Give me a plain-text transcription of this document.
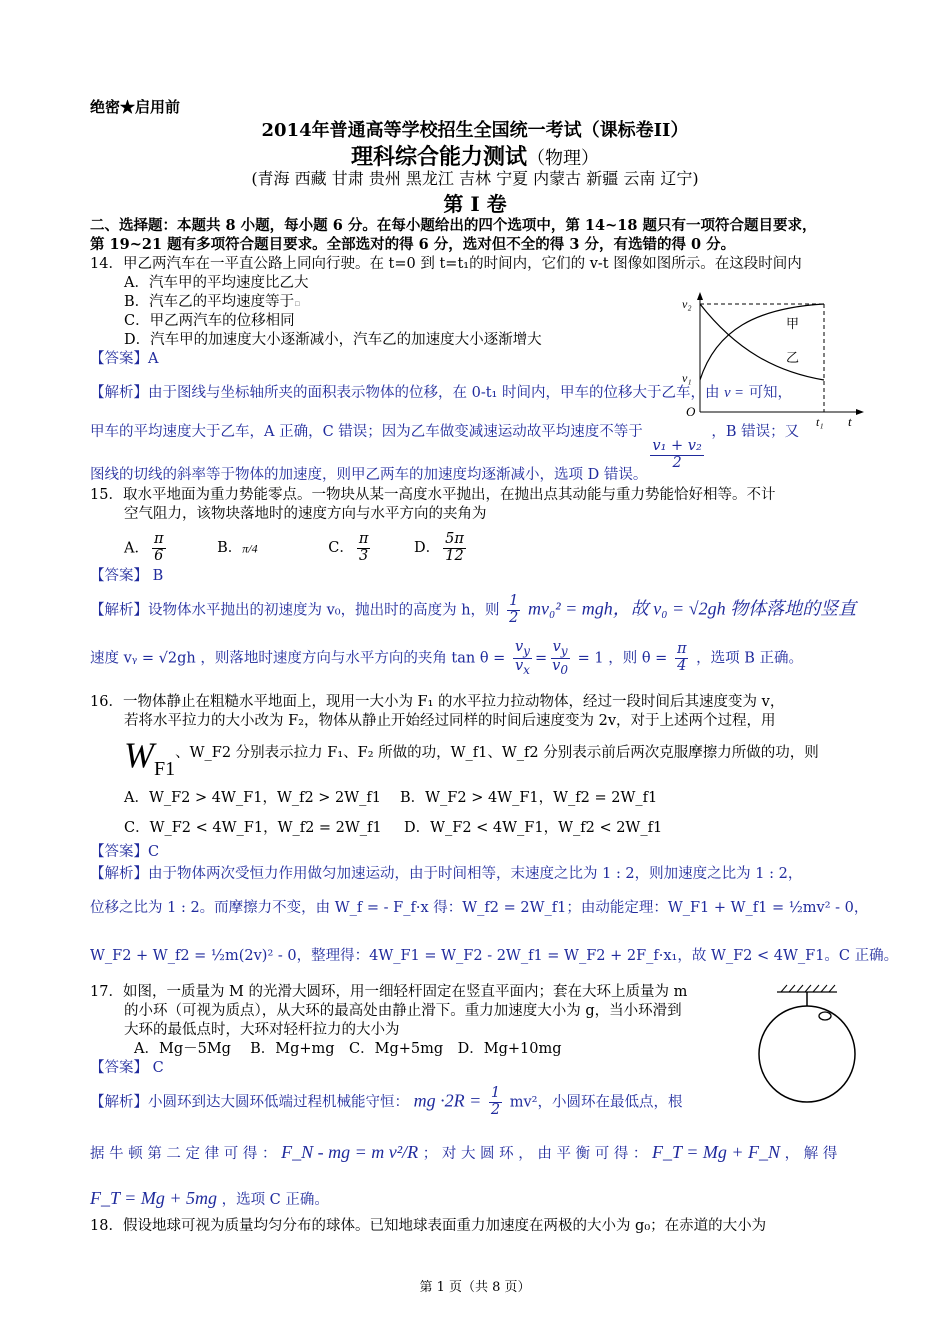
绝密★启用前
2014年普通高等学校招生全国统一考试（课标卷II）
理科综合能力测试（物理）
(青海 西藏 甘肃 贵州 黑龙江 吉林 宁夏 内蒙古 新疆 云南 辽宁)
第 Ⅰ 卷
二、选择题：本题共 8 小题，每小题 6 分。在每小题给出的四个选项中，第 14~18 题只有一项符合题目要求，
第 19~21 题有多项符合题目要求。全部选对的得 6 分，选对但不全的得 3 分，有选错的得 0 分。
14．甲乙两汽车在一平直公路上同向行驶。在 t=0 到 t=t₁的时间内，它们的 v-t 图像如图所示。在这段时间内
A．汽车甲的平均速度比乙大
B．汽车乙的平均速度等于▫
C．甲乙两汽车的位移相同
D．汽车甲的加速度大小逐渐减小，汽车乙的加速度大小逐渐增大
【答案】A
v₂
v₁
O
t₁ t
甲
乙
【解析】由于图线与坐标轴所夹的面积表示物体的位移，在 0-t₁ 时间内，甲车的位移大于乙车，由 v = 可知，
甲车的平均速度大于乙车，A 正确，C 错误；因为乙车做变减速运动故平均速度不等于
$\frac{\text{v₁ + v₂}}{2}$
，B 错误；又
图线的切线的斜率等于物体的加速度，则甲乙两车的加速度均逐渐减小，选项 D 错误。
15．取水平地面为重力势能零点。一物块从某一高度水平抛出，在抛出点其动能与重力势能恰好相等。不计
空气阻力，该物块落地时的速度方向与水平方向的夹角为
A． $\frac{\pi}{6}$	B．π/4	C． $\frac{\pi}{3}$	D． $\frac{5\pi}{12}$
【答案】 B
【解析】设物体水平抛出的初速度为 v₀，抛出时的高度为 h，则 $\frac{1}{2} mv_0^2$ = mgh，故 v₀ = √2gh 物体落地的竖直
速度 vᵧ = √2gh ，则落地时速度方向与水平方向的夹角 $\tan \theta = \frac{v_y}{v_x} = \frac{v_y}{v_0} = 1$ ，则 $\theta = \frac{\pi}{4}$ ，选项 B 正确。
16．一物体静止在粗糙水平地面上，现用一大小为 F₁ 的水平拉力拉动物体，经过一段时间后其速度变为 v，
若将水平拉力的大小改为 F₂，物体从静止开始经过同样的时间后速度变为 2v，对于上述两个过程，用
$W_{F1}$、W_F2 分别表示拉力 F₁、F₂ 所做的功，W_f1、W_f2 分别表示前后两次克服摩擦力所做的功，则
A．W_F2 > 4W_F1，W_f2 > 2W_f1 B．W_F2 > 4W_F1，W_f2 = 2W_f1
C．W_F2 < 4W_F1，W_f2 = 2W_f1 D．W_F2 < 4W_F1，W_f2 < 2W_f1
【答案】C
【解析】由于物体两次受恒力作用做匀加速运动，由于时间相等，末速度之比为 1 : 2，则加速度之比为 1 : 2，
位移之比为 1 : 2。而摩擦力不变，由 W_f = - F_f·x 得：W_f2 = 2W_f1；由动能定理：W_F1 + W_f1 = ½mv² - 0，
W_F2 + W_f2 = ½m(2v)² - 0，整理得：4W_F1 = W_F2 - 2W_f1 = W_F2 + 2F_f·x₁，故 W_F2 < 4W_F1。C 正确。
17．如图，一质量为 M 的光滑大圆环，用一细轻杆固定在竖直平面内；套在大环上质量为 m
的小环（可视为质点），从大环的最高处由静止滑下。重力加速度大小为 g，当小环滑到
大环的最低点时，大环对轻杆拉力的大小为
A．Mg－5Mg　 B．Mg+mg　C．Mg+5mg　D．Mg+10mg
【答案】 C
【解析】小圆环到达大圆环低端过程机械能守恒： mg $\cdot 2R = \frac{1}{2} mv^2$，小圆环在最低点，根
据 牛 顿 第 二 定 律 可 得 ： F_N - mg = m v²/R ； 对 大 圆 环 ， 由 平 衡 可 得 ： F_T = Mg + F_N ， 解 得
F_T = Mg + 5mg ，选项 C 正确。
18．假设地球可视为质量均匀分布的球体。已知地球表面重力加速度在两极的大小为 g₀；在赤道的大小为
第 1 页（共 8 页）
